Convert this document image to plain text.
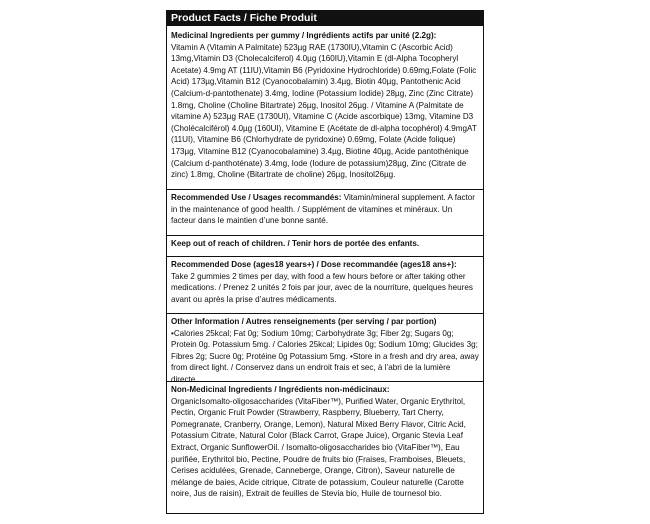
Product Facts / Fiche Produit

Medicinal Ingredients per gummy / Ingrédients actifs par unité (2.2g):

Vitamin A (Vitamin A Palmitate) 523µg RAE (1730IU),Vitamin C (Ascorbic Acid) 13mg,Vitamin D3 (Cholecalciferol) 4.0µg (160IU),Vitamin E (dl-Alpha Tocopheryl Acetate) 4.9mg AT (11IU),Vitamin B6 (Pyridoxine Hydrochloride) 0.69mg,Folate (Folic Acid) 173µg,Vitamin B12 (Cyanocobalamin) 3.4µg, Biotin 40µg, Pantothenic Acid (Calcium-d-pantothenate) 3.4mg, Iodine (Potassium Iodide) 28µg, Zinc (Zinc Citrate) 1.8mg, Choline (Choline Bitartrate) 26µg, Inositol 26µg. / Vitamine A (Palmitate de vitamine A) 523µg RAE (1730UI), Vitamine C (Acide ascorbique) 13mg, Vitamine D3 (Cholécalciférol) 4.0µg (160UI), Vitamine E (Acétate de dl-alpha tocophérol) 4.9mgAT (11UI), Vitamine B6 (Chlorhydrate de pyridoxine) 0.69mg, Folate (Acide folique) 173µg, Vitamine B12 (Cyanocobalamine) 3.4µg, Biotine 40µg, Acide pantothénique (Calcium d-panthoténate) 3.4mg, Iode (Iodure de potassium)28µg, Zinc (Citrate de zinc) 1.8mg, Choline (Bitartrate de choline) 26µg, Inositol26µg.

Recommended Use / Usages recommandés: Vitamin/mineral supplement. A factor in the maintenance of good health. / Supplément de vitamines et minéraux. Un facteur dans le maintien d’une bonne santé.

Keep out of reach of children. / Tenir hors de portée des enfants.

Recommended Dose (ages18 years+) / Dose recommandée (ages18 ans+):

Take 2 gummies 2 times per day, with food a few hours before or after taking other medications. / Prenez 2 unités 2 fois par jour, avec de la nourriture, quelques heures avant ou après la prise d’autres médicaments.

Other Information / Autres renseignements (per serving / par portion)

•Calories 25kcal; Fat 0g; Sodium 10mg; Carbohydrate 3g; Fiber 2g; Sugars 0g; Protein 0g. Potassium 5mg. / Calories 25kcal; Lipides 0g; Sodium 10mg; Glucides 3g; Fibres 2g; Sucre 0g; Protéine 0g Potassium 5mg. •Store in a fresh and dry area, away from direct light. / Conservez dans un endroit frais et sec, à l’abri de la lumière directe.

Non-Medicinal Ingredients / Ingrédients non-médicinaux:

OrganicIsomalto-oligosaccharides (VitaFiber™), Purified Water, Organic Erythritol, Pectin, Organic Fruit Powder (Strawberry, Raspberry, Blueberry, Tart Cherry, Pomegranate, Cranberry, Orange, Lemon), Natural Mixed Berry Flavor, Citric Acid, Potassium Citrate, Natural Color (Black Carrot, Grape Juice), Organic Stevia Leaf Extract, Organic SunflowerOil. / Isomalto-oligosaccharides bio (VitaFiber™), Eau purifiée, Erythritol bio, Pectine, Poudre de fruits bio (Fraises, Framboises, Bleuets, Cerises acidulées, Grenade, Canneberge, Orange, Citron), Saveur naturelle de mélange de baies, Acide citrique, Citrate de potassium, Couleur naturelle (Carotte noire, Jus de raisin), Extrait de feuilles de Stevia bio, Huile de tournesol bio.
